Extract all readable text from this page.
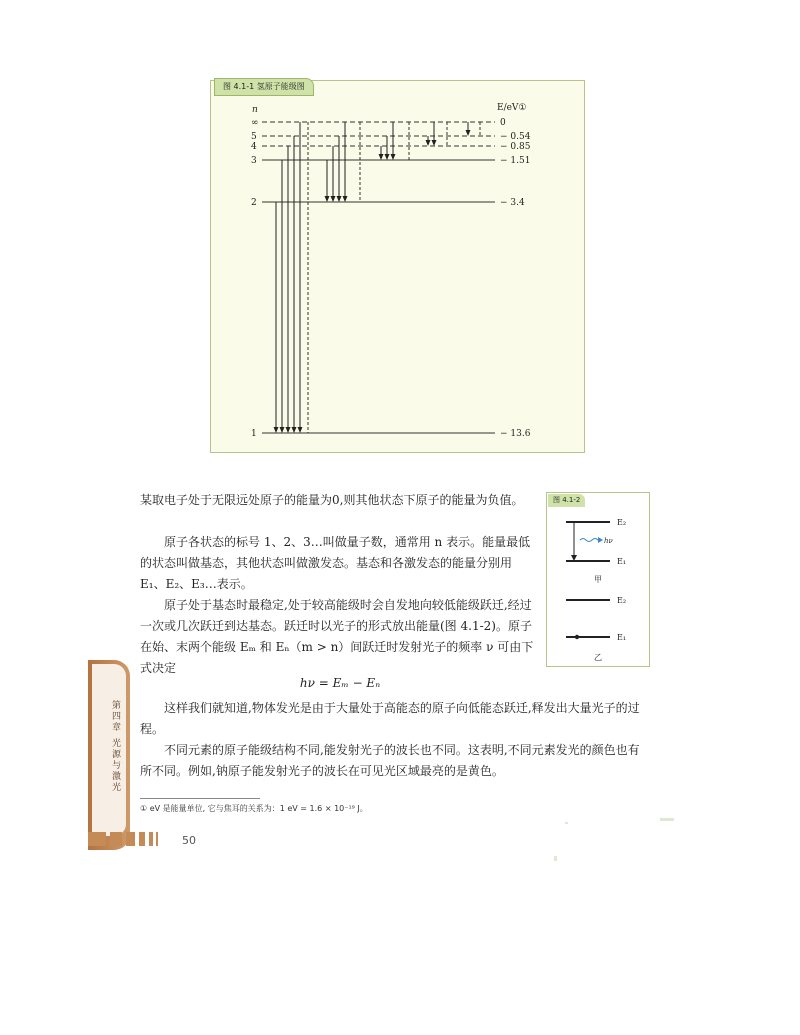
图 4.1-1 氢原子能级图
n	E/eV①
∞	0
5	− 0.54
4	− 0.85
3	− 1.51
2	− 3.4
1	− 13.6
某取电子处于无限远处原子的能量为0,则其他状态下原子的能量为负值。
原子各状态的标号 1、2、3…叫做量子数，通常用 n 表示。能量最低的状态叫做基态，其他状态叫做激发态。基态和各激发态的能量分别用 E₁、E₂、E₃…表示。
原子处于基态时最稳定,处于较高能级时会自发地向较低能级跃迁,经过一次或几次跃迁到达基态。跃迁时以光子的形式放出能量(图 4.1-2)。原子在始、末两个能级 Eₘ 和 Eₙ（m > n）间跃迁时发射光子的频率 ν 可由下式决定
hν = Eₘ − Eₙ
这样我们就知道,物体发光是由于大量处于高能态的原子向低能态跃迁,释发出大量光子的过程。
不同元素的原子能级结构不同,能发射光子的波长也不同。这表明,不同元素发光的颜色也有所不同。例如,钠原子能发射光子的波长在可见光区域最亮的是黄色。
图 4.1-2
hν
E₂
E₁
甲
E₂
E₁
乙
第四章 光源与激光
① eV 是能量单位, 它与焦耳的关系为：1 eV = 1.6 × 10⁻¹⁹ J。
50
